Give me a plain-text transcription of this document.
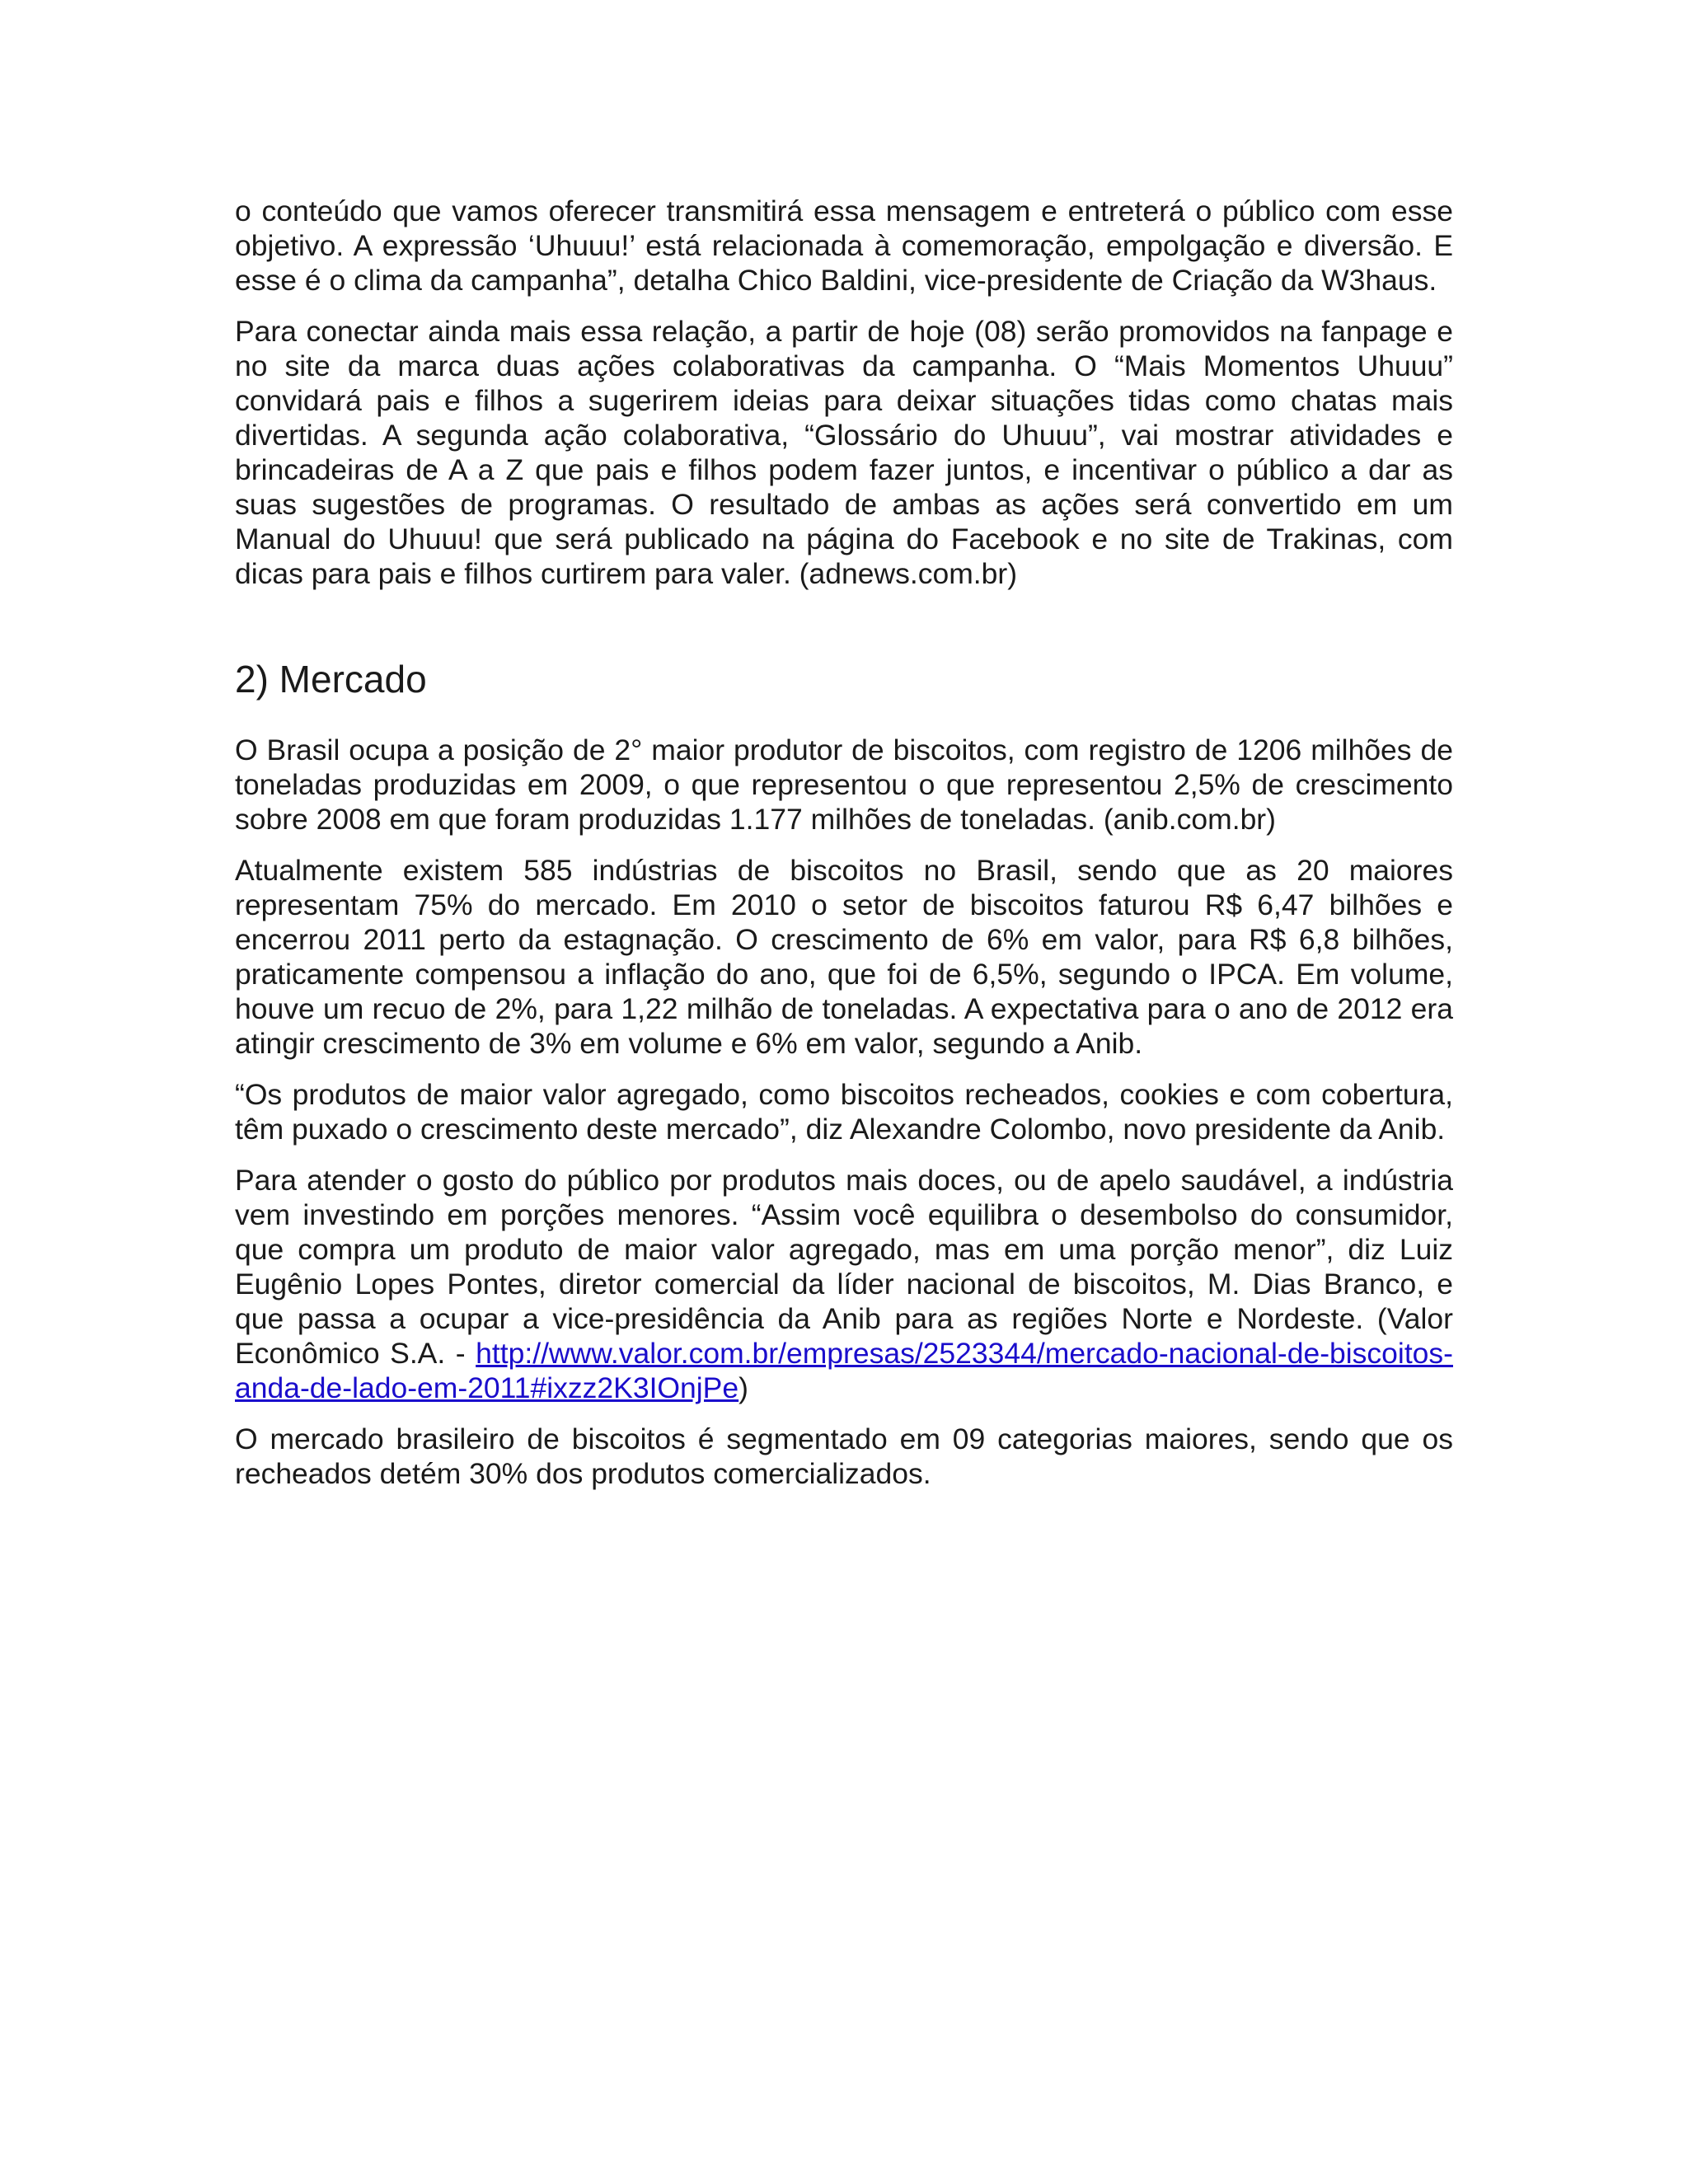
o conteúdo que vamos oferecer transmitirá essa mensagem e entreterá o público com esse objetivo. A expressão ‘Uhuuu!’ está relacionada à comemoração, empolgação e diversão. E esse é o clima da campanha”, detalha Chico Baldini, vice-presidente de Criação da W3haus.

Para conectar ainda mais essa relação, a partir de hoje (08) serão promovidos na fanpage e no site da marca duas ações colaborativas da campanha. O “Mais Momentos Uhuuu” convidará pais e filhos a sugerirem ideias para deixar situações tidas como chatas mais divertidas. A segunda ação colaborativa, “Glossário do Uhuuu”, vai mostrar atividades e brincadeiras de A a Z que pais e filhos podem fazer juntos, e incentivar o público a dar as suas sugestões de programas. O resultado de ambas as ações será convertido em um Manual do Uhuuu! que será publicado na página do Facebook e no site de Trakinas, com dicas para pais e filhos curtirem para valer. (adnews.com.br)

2) Mercado

O Brasil ocupa a posição de 2° maior produtor de biscoitos, com registro de 1206 milhões de toneladas produzidas em 2009, o que representou o que representou 2,5% de crescimento sobre 2008 em que foram produzidas 1.177 milhões de toneladas. (anib.com.br)

Atualmente existem 585 indústrias de biscoitos no Brasil, sendo que as 20 maiores representam 75% do mercado. Em 2010 o setor de biscoitos faturou R$ 6,47 bilhões e encerrou 2011 perto da estagnação. O crescimento de 6% em valor, para R$ 6,8 bilhões, praticamente compensou a inflação do ano, que foi de 6,5%, segundo o IPCA. Em volume, houve um recuo de 2%, para 1,22 milhão de toneladas. A expectativa para o ano de 2012 era atingir crescimento de 3% em volume e 6% em valor, segundo a Anib.

“Os produtos de maior valor agregado, como biscoitos recheados, cookies e com cobertura, têm puxado o crescimento deste mercado”, diz Alexandre Colombo, novo presidente da Anib.

Para atender o gosto do público por produtos mais doces, ou de apelo saudável, a indústria vem investindo em porções menores. “Assim você equilibra o desembolso do consumidor, que compra um produto de maior valor agregado, mas em uma porção menor”, diz Luiz Eugênio Lopes Pontes, diretor comercial da líder nacional de biscoitos, M. Dias Branco, e que passa a ocupar a vice-presidência da Anib para as regiões Norte e Nordeste. (Valor Econômico S.A. - http://www.valor.com.br/empresas/2523344/mercado-nacional-de-biscoitos-anda-de-lado-em-2011#ixzz2K3IOnjPe)

O mercado brasileiro de biscoitos é segmentado em 09 categorias maiores, sendo que os recheados detém 30% dos produtos comercializados.
